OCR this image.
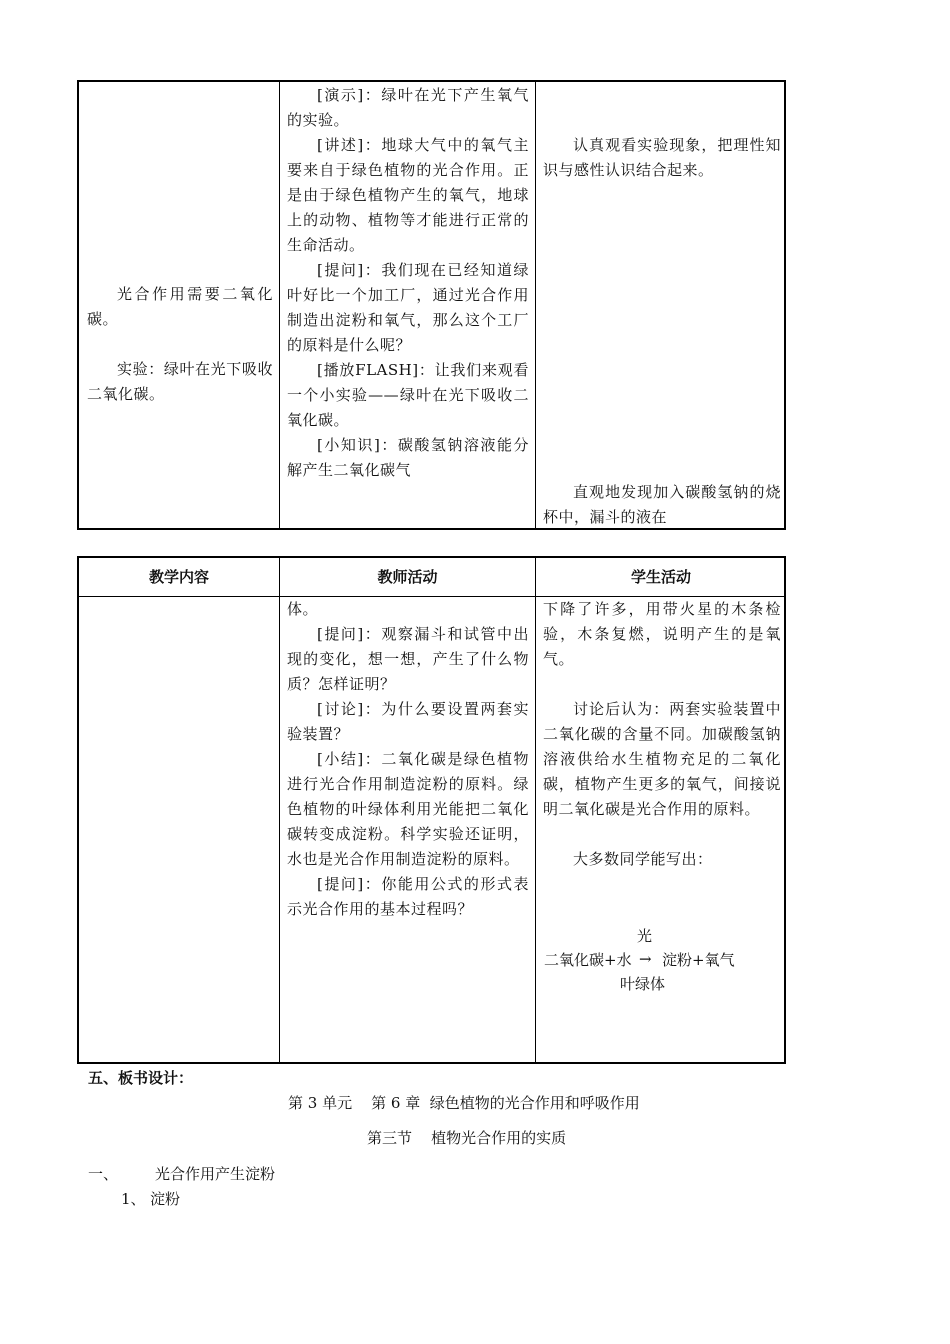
光合作用需要二氧化碳。

实验：绿叶在光下吸收二氧化碳。

[演示]：绿叶在光下产生氧气的实验。

[讲述]：地球大气中的氧气主要来自于绿色植物的光合作用。正是由于绿色植物产生的氧气，地球上的动物、植物等才能进行正常的生命活动。

[提问]：我们现在已经知道绿叶好比一个加工厂，通过光合作用制造出淀粉和氧气，那么这个工厂的原料是什么呢？

[播放FLASH]：让我们来观看一个小实验——绿叶在光下吸收二氧化碳。

[小知识]：碳酸氢钠溶液能分解产生二氧化碳气

认真观看实验现象，把理性知识与感性认识结合起来。

直观地发现加入碳酸氢钠的烧杯中，漏斗的液在

教学内容	教师活动	学生活动

体。

[提问]：观察漏斗和试管中出现的变化，想一想，产生了什么物质？怎样证明？

[讨论]：为什么要设置两套实验装置？

[小结]：二氧化碳是绿色植物进行光合作用制造淀粉的原料。绿色植物的叶绿体利用光能把二氧化碳转变成淀粉。科学实验还证明，水也是光合作用制造淀粉的原料。

[提问]：你能用公式的形式表示光合作用的基本过程吗？

下降了许多，用带火星的木条检验，木条复燃，说明产生的是氧气。

讨论后认为：两套实验装置中二氧化碳的含量不同。加碳酸氢钠溶液供给水生植物充足的二氧化碳，植物产生更多的氧气，间接说明二氧化碳是光合作用的原料。

大多数同学能写出：

光
二氧化碳+水 → 淀粉+氧气
叶绿体
五、板书设计：
第 3 单元    第 6 章  绿色植物的光合作用和呼吸作用
第三节    植物光合作用的实质
一、 光合作用产生淀粉
1、 淀粉
